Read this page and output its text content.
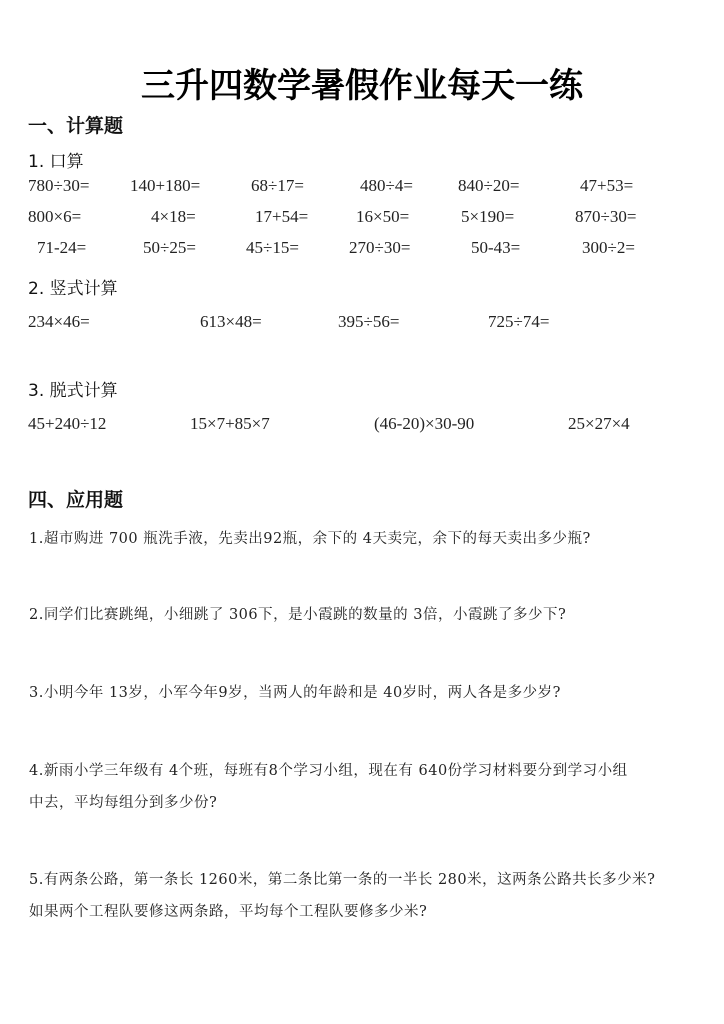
三升四数学暑假作业每天一练
一、计算题
1. 口算
780÷30= 140+180=	68÷17=	480÷4=	840÷20=	47+53=
800×6=	4×18=	17+54=	16×50=	5×190=	870÷30=
71-24=	50÷25=	45÷15=	270÷30=	50-43=	300÷2=
2. 竖式计算
234×46=	613×48=	395÷56=	725÷74=
3. 脱式计算
45+240÷12	15×7+85×7	(46-20)×30-90	25×27×4
四、应用题
1.超市购进 700 瓶洗手液，先卖出92瓶，余下的 4天卖完，余下的每天卖出多少瓶?
2.同学们比赛跳绳，小细跳了 306下，是小霞跳的数量的 3倍，小霞跳了多少下?
3.小明今年 13岁，小军今年9岁，当两人的年龄和是 40岁时，两人各是多少岁?
4.新雨小学三年级有 4个班，每班有8个学习小组，现在有 640份学习材料要分到学习小组
中去，平均每组分到多少份?
5.有两条公路，第一条长 1260米，第二条比第一条的一半长 280米，这两条公路共长多少米?
如果两个工程队要修这两条路，平均每个工程队要修多少米?
